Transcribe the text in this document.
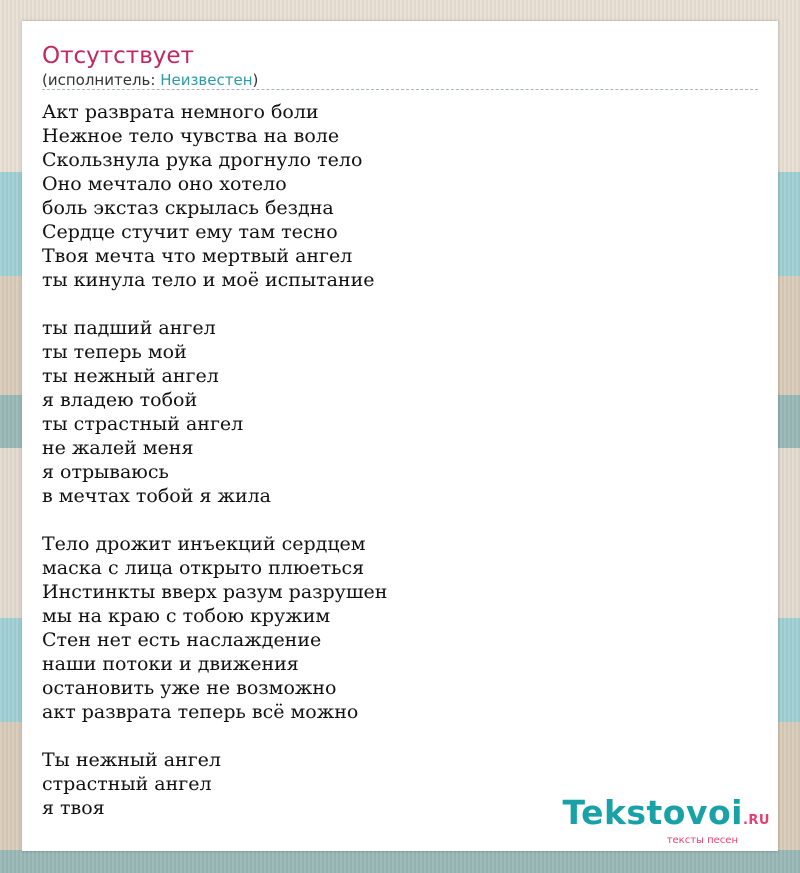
Отсутствует
(исполнитель: Неизвестен)
Акт разврата немного боли
Нежное тело чувства на воле
Скользнула рука дрогнуло тело
Оно мечтало оно хотело
боль экстаз скрылась бездна
Сердце стучит ему там тесно
Твоя мечта что мертвый ангел
ты кинула тело и моё испытание
ты падший ангел
ты теперь мой
ты нежный ангел
я владею тобой
ты страстный ангел
не жалей меня
я отрываюсь
в мечтах тобой я жила
Тело дрожит инъекций сердцем
маска с лица открыто плюеться
Инстинкты вверх разум разрушен
мы на краю с тобою кружим
Стен нет есть наслаждение
наши потоки и движения
остановить уже не возможно
акт разврата теперь всё можно
Ты нежный ангел
страстный ангел
я твоя	Tekstovoi.RU
тексты песен
